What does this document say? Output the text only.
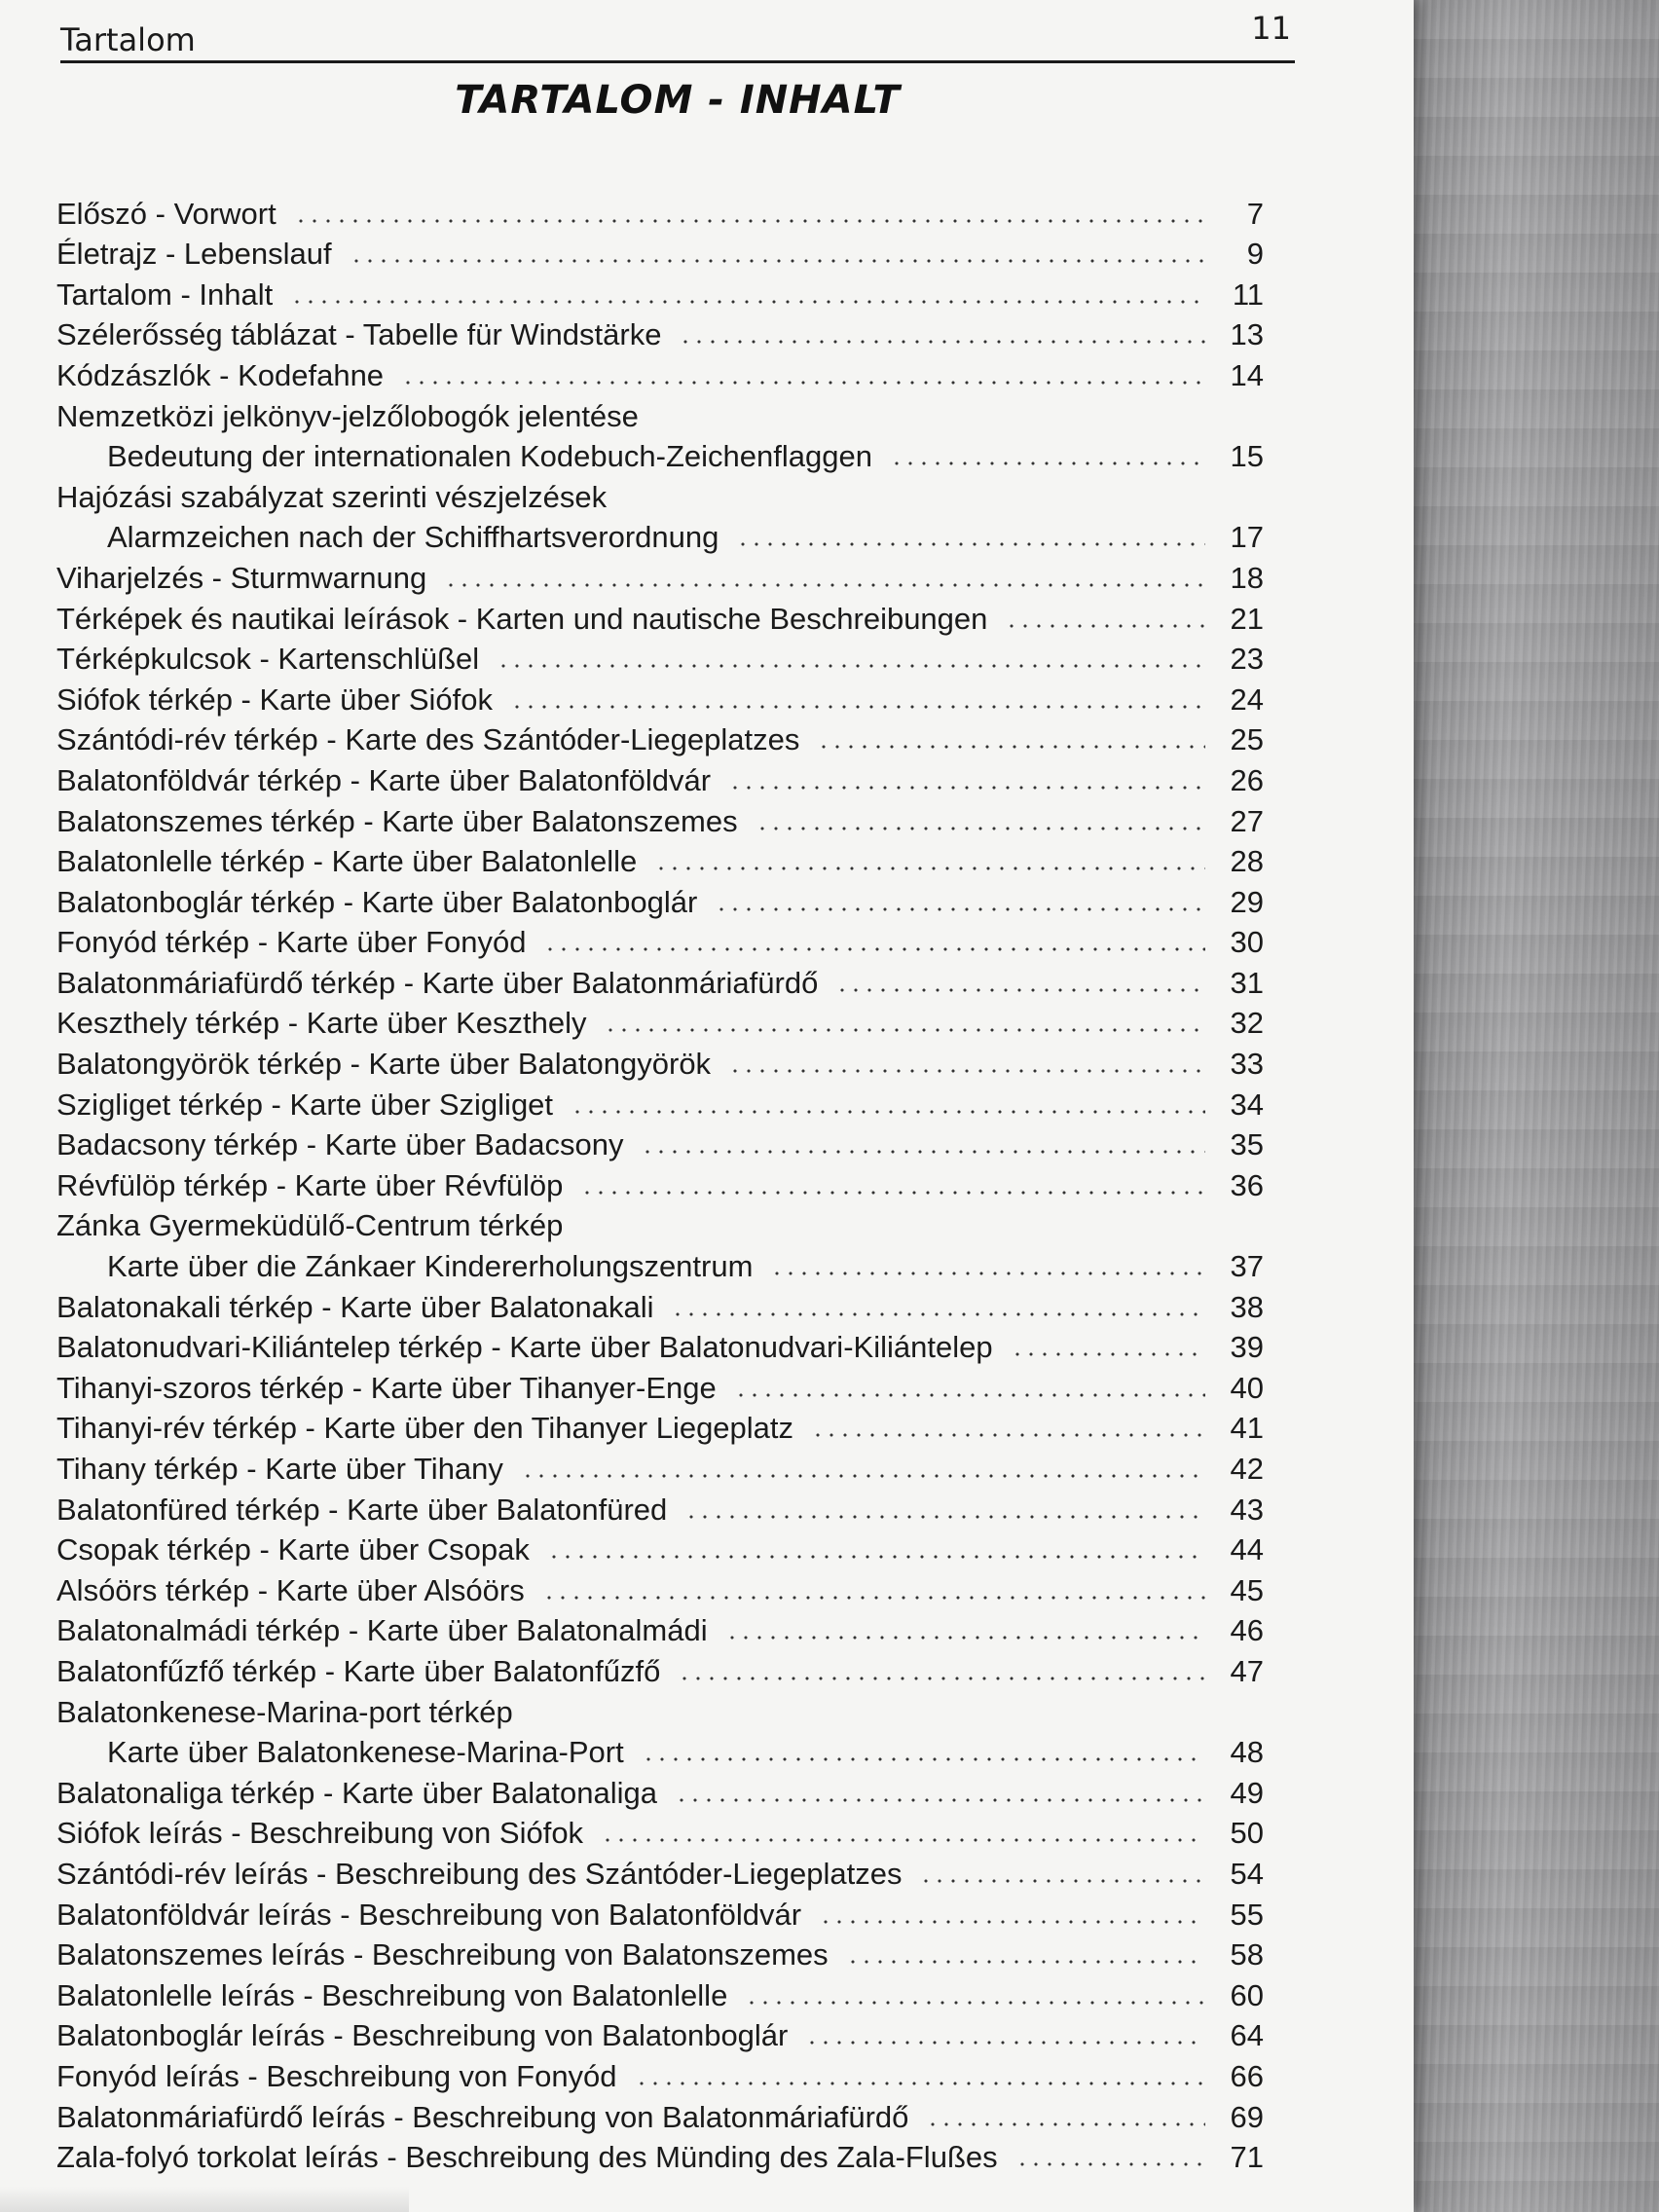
Tartalom	11
TARTALOM - INHALT
Előszó - Vorwort	7
Életrajz - Lebenslauf	9
Tartalom - Inhalt	11
Szélerősség táblázat - Tabelle für Windstärke	13
Kódzászlók - Kodefahne	14
Nemzetközi jelkönyv-jelzőlobogók jelentése
Bedeutung der internationalen Kodebuch-Zeichenflaggen	15
Hajózási szabályzat szerinti vészjelzések
Alarmzeichen nach der Schiffhartsverordnung	17
Viharjelzés - Sturmwarnung	18
Térképek és nautikai leírások - Karten und nautische Beschreibungen	21
Térképkulcsok - Kartenschlüßel	23
Siófok térkép - Karte über Siófok	24
Szántódi-rév térkép - Karte des Szántóder-Liegeplatzes	25
Balatonföldvár térkép - Karte über Balatonföldvár	26
Balatonszemes térkép - Karte über Balatonszemes	27
Balatonlelle térkép - Karte über Balatonlelle	28
Balatonboglár térkép - Karte über Balatonboglár	29
Fonyód térkép - Karte über Fonyód	30
Balatonmáriafürdő térkép - Karte über Balatonmáriafürdő	31
Keszthely térkép - Karte über Keszthely	32
Balatongyörök térkép - Karte über Balatongyörök	33
Szigliget térkép - Karte über Szigliget	34
Badacsony térkép - Karte über Badacsony	35
Révfülöp térkép - Karte über Révfülöp	36
Zánka Gyermeküdülő-Centrum térkép
Karte über die Zánkaer Kindererholungszentrum	37
Balatonakali térkép - Karte über Balatonakali	38
Balatonudvari-Kiliántelep térkép - Karte über Balatonudvari-Kiliántelep	39
Tihanyi-szoros térkép - Karte über Tihanyer-Enge	40
Tihanyi-rév térkép - Karte über den Tihanyer Liegeplatz	41
Tihany térkép - Karte über Tihany	42
Balatonfüred térkép - Karte über Balatonfüred	43
Csopak térkép - Karte über Csopak	44
Alsóörs térkép - Karte über Alsóörs	45
Balatonalmádi térkép - Karte über Balatonalmádi	46
Balatonfűzfő térkép - Karte über Balatonfűzfő	47
Balatonkenese-Marina-port térkép
Karte über Balatonkenese-Marina-Port	48
Balatonaliga térkép - Karte über Balatonaliga	49
Siófok leírás - Beschreibung von Siófok	50
Szántódi-rév leírás - Beschreibung des Szántóder-Liegeplatzes	54
Balatonföldvár leírás - Beschreibung von Balatonföldvár	55
Balatonszemes leírás - Beschreibung von Balatonszemes	58
Balatonlelle leírás - Beschreibung von Balatonlelle	60
Balatonboglár leírás - Beschreibung von Balatonboglár	64
Fonyód leírás - Beschreibung von Fonyód	66
Balatonmáriafürdő leírás - Beschreibung von Balatonmáriafürdő	69
Zala-folyó torkolat leírás - Beschreibung des Münding des Zala-Flußes	71
